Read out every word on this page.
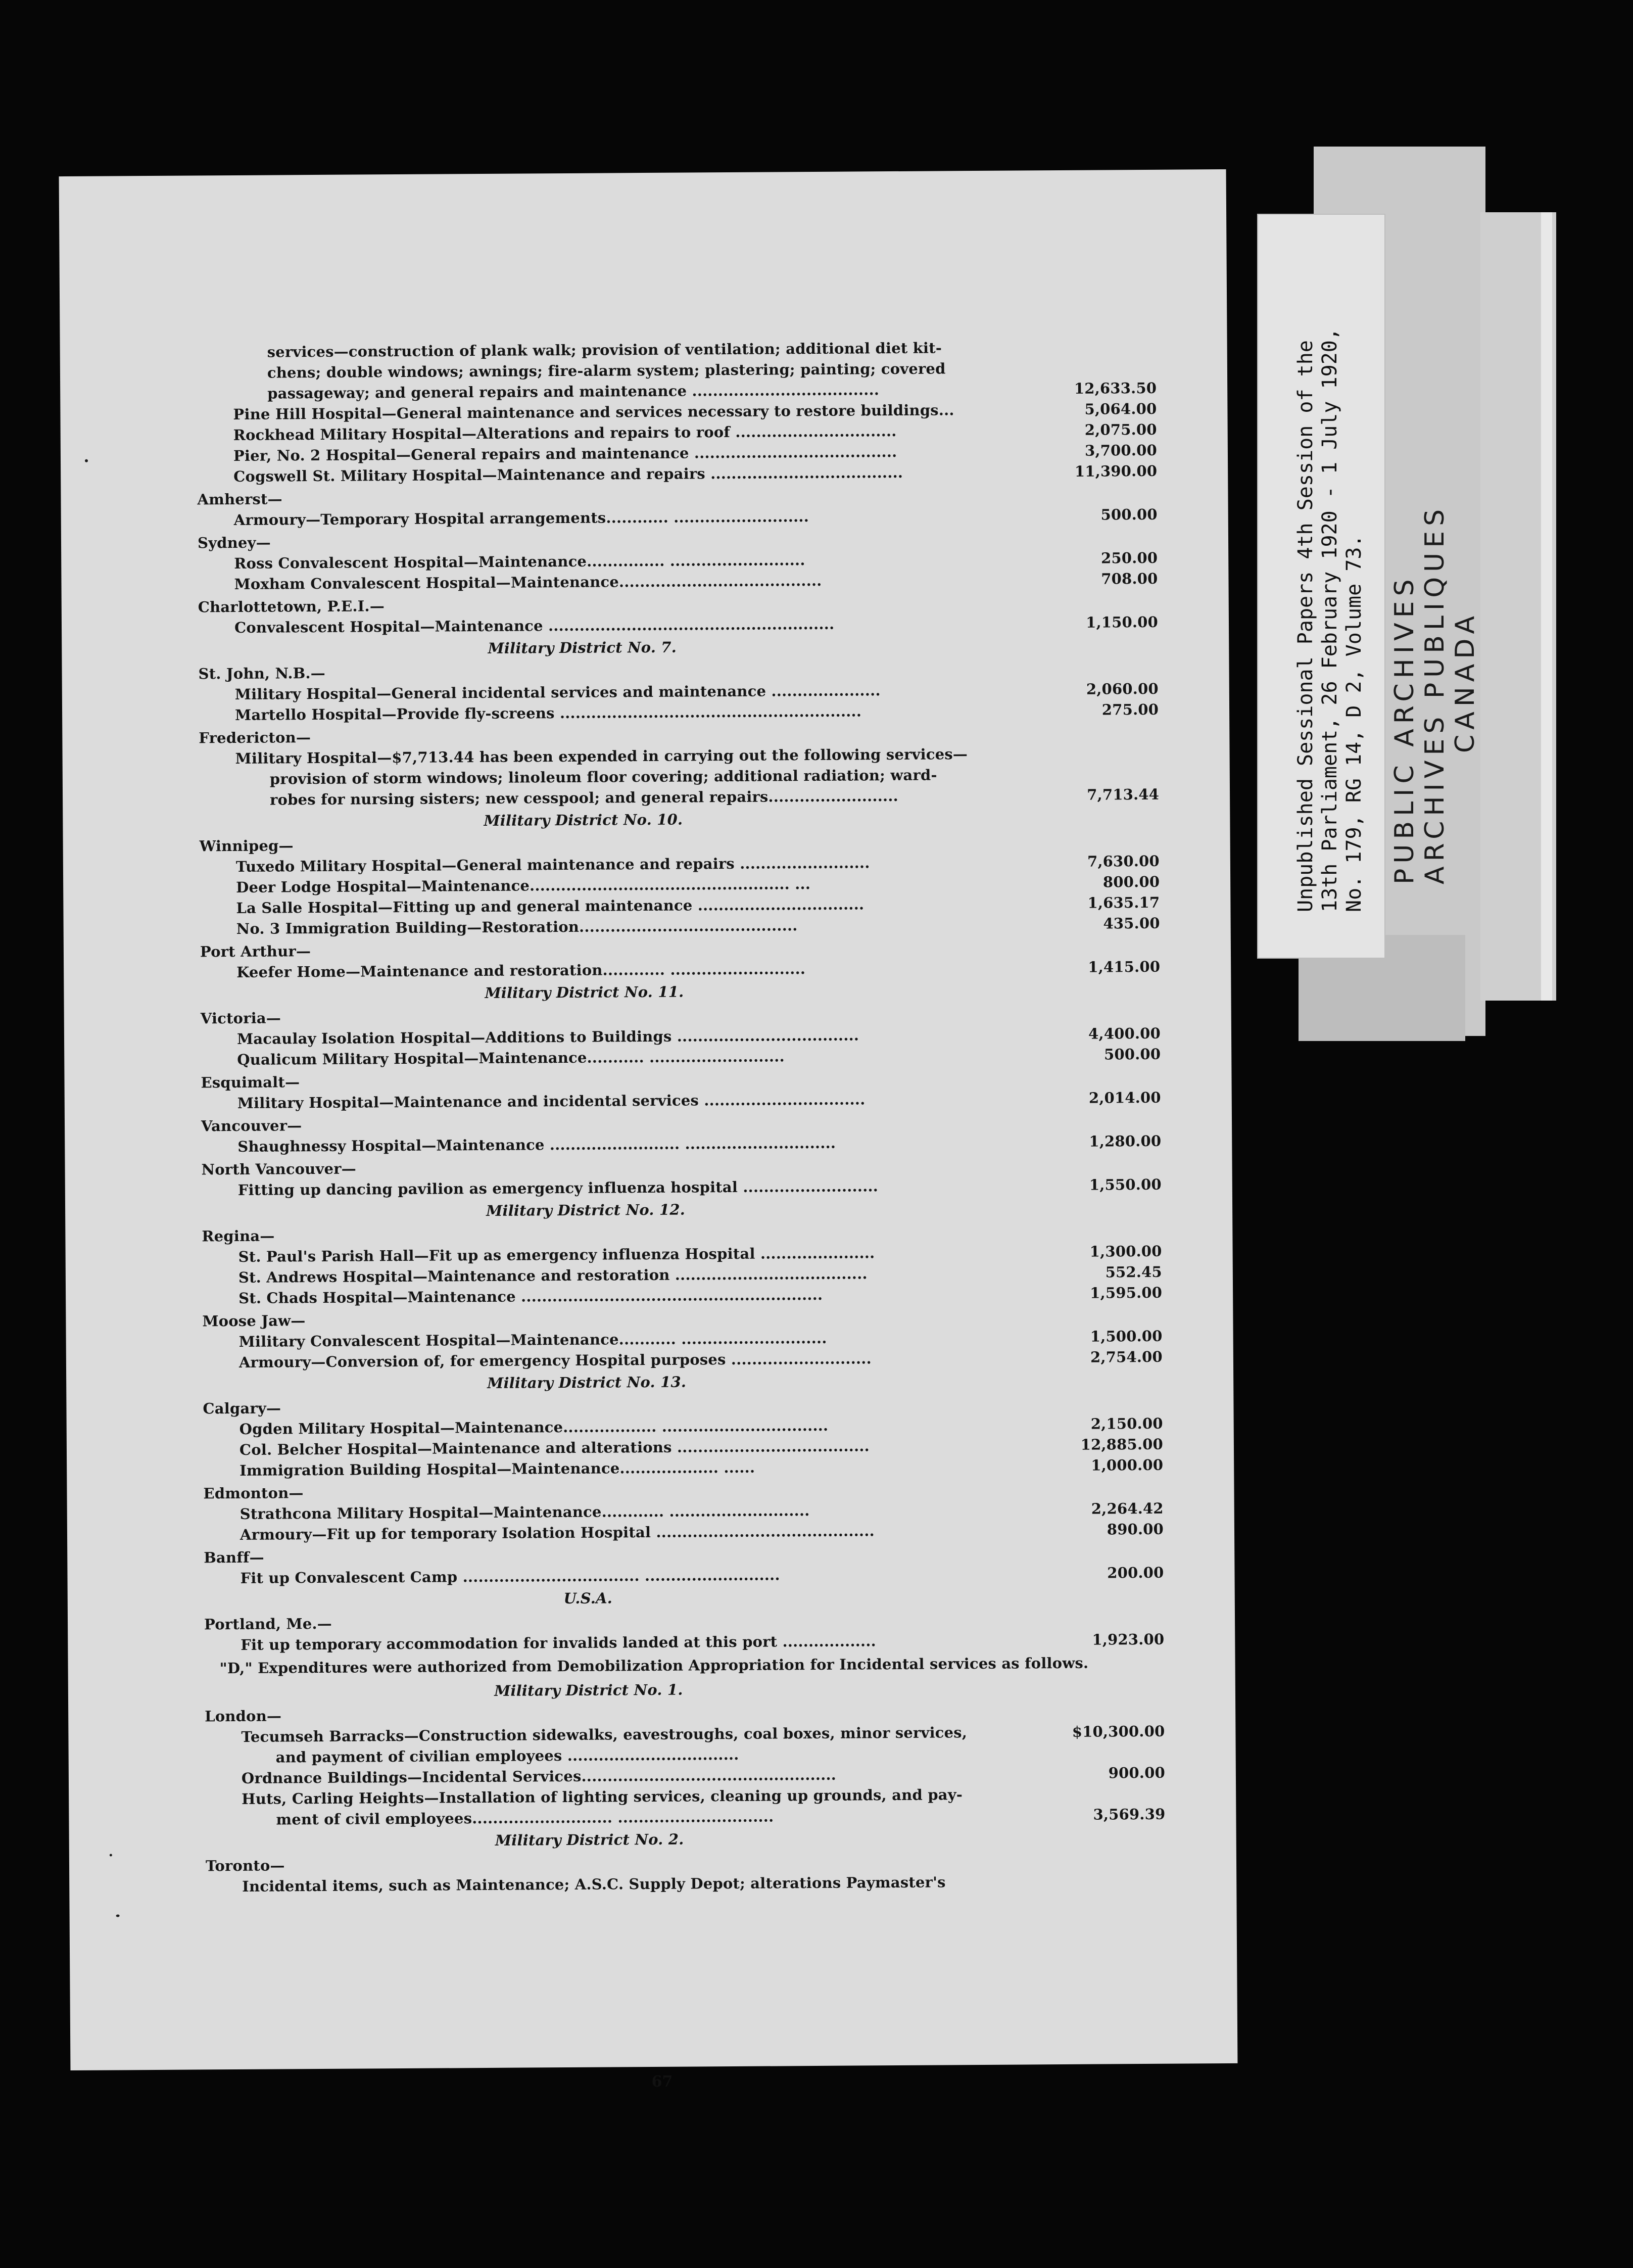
services—construction of plank walk; provision of ventilation; additional diet kit-
chens; double windows; awnings; fire-alarm system; plastering; painting; covered
passageway; and general repairs and maintenance ....................................	12,633.50
Pine Hill Hospital—General maintenance and services necessary to restore buildings...	5,064.00
Rockhead Military Hospital—Alterations and repairs to roof ...............................	2,075.00
Pier, No. 2 Hospital—General repairs and maintenance .......................................	3,700.00
Cogswell St. Military Hospital—Maintenance and repairs .....................................	11,390.00
Amherst—
Armoury—Temporary Hospital arrangements............ ..........................	500.00
Sydney—
Ross Convalescent Hospital—Maintenance............... ..........................	250.00
Moxham Convalescent Hospital—Maintenance.......................................	708.00
Charlottetown, P.E.I.—
Convalescent Hospital—Maintenance .......................................................	1,150.00
Military District No. 7.
St. John, N.B.—
Military Hospital—General incidental services and maintenance .....................	2,060.00
Martello Hospital—Provide fly-screens ..........................................................	275.00
Fredericton—
Military Hospital—$7,713.44 has been expended in carrying out the following services—
provision of storm windows; linoleum floor covering; additional radiation; ward-
robes for nursing sisters; new cesspool; and general repairs.........................	7,713.44
Military District No. 10.
Winnipeg—
Tuxedo Military Hospital—General maintenance and repairs .........................	7,630.00
Deer Lodge Hospital—Maintenance.................................................. ...	800.00
La Salle Hospital—Fitting up and general maintenance ................................	1,635.17
No. 3 Immigration Building—Restoration..........................................	435.00
Port Arthur—
Keefer Home—Maintenance and restoration............ ..........................	1,415.00
Military District No. 11.
Victoria—
Macaulay Isolation Hospital—Additions to Buildings ...................................	4,400.00
Qualicum Military Hospital—Maintenance........... ..........................	500.00
Esquimalt—
Military Hospital—Maintenance and incidental services ...............................	2,014.00
Vancouver—
Shaughnessy Hospital—Maintenance ......................... .............................	1,280.00
North Vancouver—
Fitting up dancing pavilion as emergency influenza hospital ..........................	1,550.00
Military District No. 12.
Regina—
St. Paul's Parish Hall—Fit up as emergency influenza Hospital ......................	1,300.00
St. Andrews Hospital—Maintenance and restoration .....................................	552.45
St. Chads Hospital—Maintenance ..........................................................	1,595.00
Moose Jaw—
Military Convalescent Hospital—Maintenance........... ............................	1,500.00
Armoury—Conversion of, for emergency Hospital purposes ...........................	2,754.00
Military District No. 13.
Calgary—
Ogden Military Hospital—Maintenance.................. ................................	2,150.00
Col. Belcher Hospital—Maintenance and alterations .....................................	12,885.00
Immigration Building Hospital—Maintenance................... ......	1,000.00
Edmonton—
Strathcona Military Hospital—Maintenance............ ...........................	2,264.42
Armoury—Fit up for temporary Isolation Hospital ..........................................	890.00
Banff—
Fit up Convalescent Camp .................................. ..........................	200.00
U.S.A.
Portland, Me.—
Fit up temporary accommodation for invalids landed at this port ..................	1,923.00
"D," Expenditures were authorized from Demobilization Appropriation for Incidental services as follows.
Military District No. 1.
London—
Tecumseh Barracks—Construction sidewalks, eavestroughs, coal boxes, minor services,	$10,300.00
and payment of civilian employees .................................
Ordnance Buildings—Incidental Services.................................................	900.00
Huts, Carling Heights—Installation of lighting services, cleaning up grounds, and pay-
ment of civil employees........................... ..............................	3,569.39
Military District No. 2.
Toronto—
Incidental items, such as Maintenance; A.S.C. Supply Depot; alterations Paymaster's
67
PUBLIC ARCHIVES ARCHIVES PUBLIQUES CANADA
Unpublished Sessional Papers 4th Session of the 13th Parliament, 26 February 1920 - 1 July 1920, No. 179, RG 14, D 2, Volume 73.
